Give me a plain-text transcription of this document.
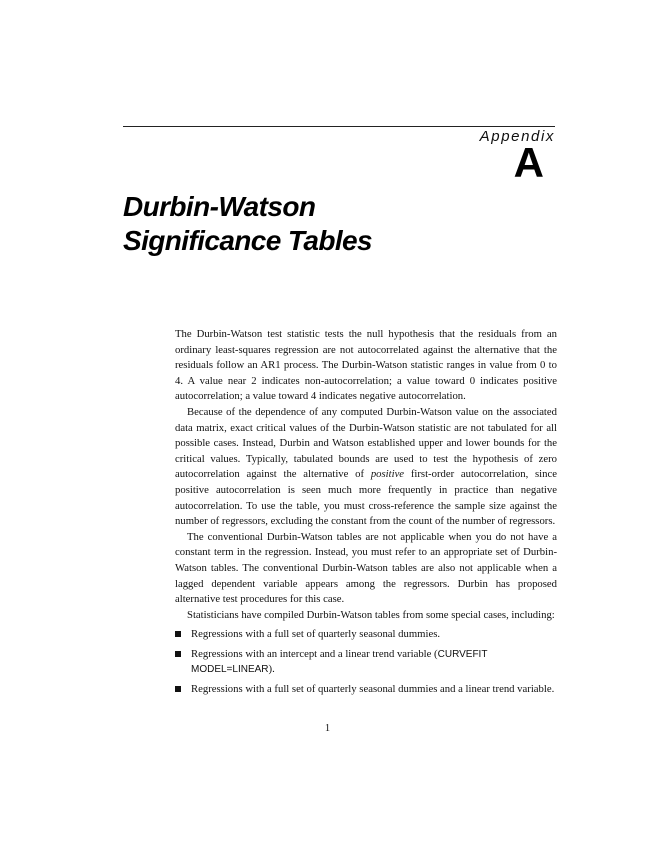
Appendix
A
Durbin-Watson
Significance Tables

The Durbin-Watson test statistic tests the null hypothesis that the residuals from an ordinary least-squares regression are not autocorrelated against the alternative that the residuals follow an AR1 process. The Durbin-Watson statistic ranges in value from 0 to 4. A value near 2 indicates non-autocorrelation; a value toward 0 indicates positive autocorrelation; a value toward 4 indicates negative autocorrelation.

Because of the dependence of any computed Durbin-Watson value on the associated data matrix, exact critical values of the Durbin-Watson statistic are not tabulated for all possible cases. Instead, Durbin and Watson established upper and lower bounds for the critical values. Typically, tabulated bounds are used to test the hypothesis of zero autocorrelation against the alternative of positive first-order autocorrelation, since positive autocorrelation is seen much more frequently in practice than negative autocorrelation. To use the table, you must cross-reference the sample size against the number of regressors, excluding the constant from the count of the number of regressors.

The conventional Durbin-Watson tables are not applicable when you do not have a constant term in the regression. Instead, you must refer to an appropriate set of Durbin-Watson tables. The conventional Durbin-Watson tables are also not applicable when a lagged dependent variable appears among the regressors. Durbin has proposed alternative test procedures for this case.

Statisticians have compiled Durbin-Watson tables from some special cases, including:

Regressions with a full set of quarterly seasonal dummies.
Regressions with an intercept and a linear trend variable (CURVEFIT MODEL=LINEAR).
Regressions with a full set of quarterly seasonal dummies and a linear trend variable.
1
